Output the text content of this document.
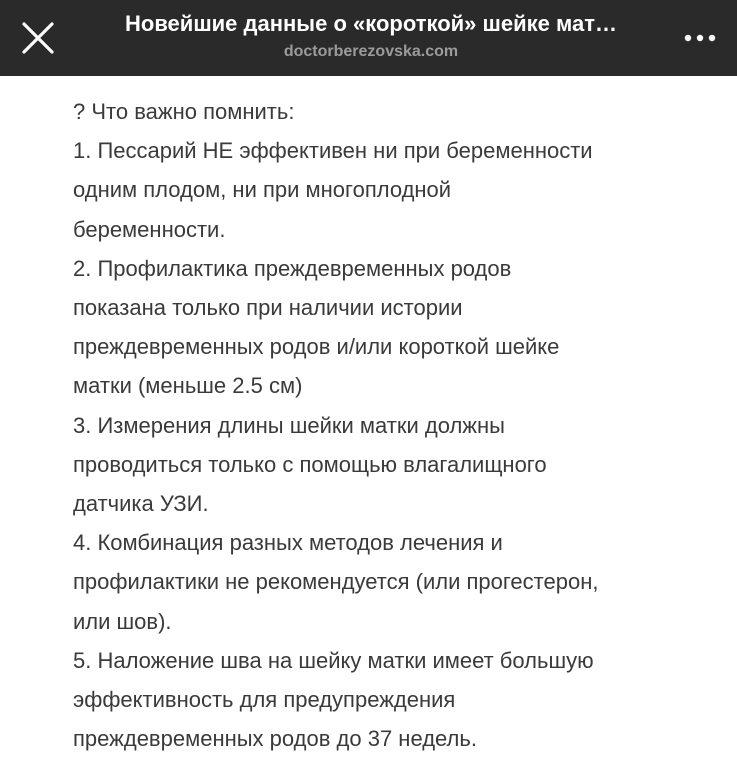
Новейшие данные о «короткой» шейке мат…
doctorberezovska.com
? Что важно помнить:
1. Пессарий НЕ эффективен ни при беременности
одним плодом, ни при многоплодной
беременности.
2. Профилактика преждевременных родов
показана только при наличии истории
преждевременных родов и/или короткой шейке
матки (меньше 2.5 см)
3. Измерения длины шейки матки должны
проводиться только с помощью влагалищного
датчика УЗИ.
4. Комбинация разных методов лечения и
профилактики не рекомендуется (или прогестерон,
или шов).
5. Наложение шва на шейку матки имеет большую
эффективность для предупреждения
преждевременных родов до 37 недель.
